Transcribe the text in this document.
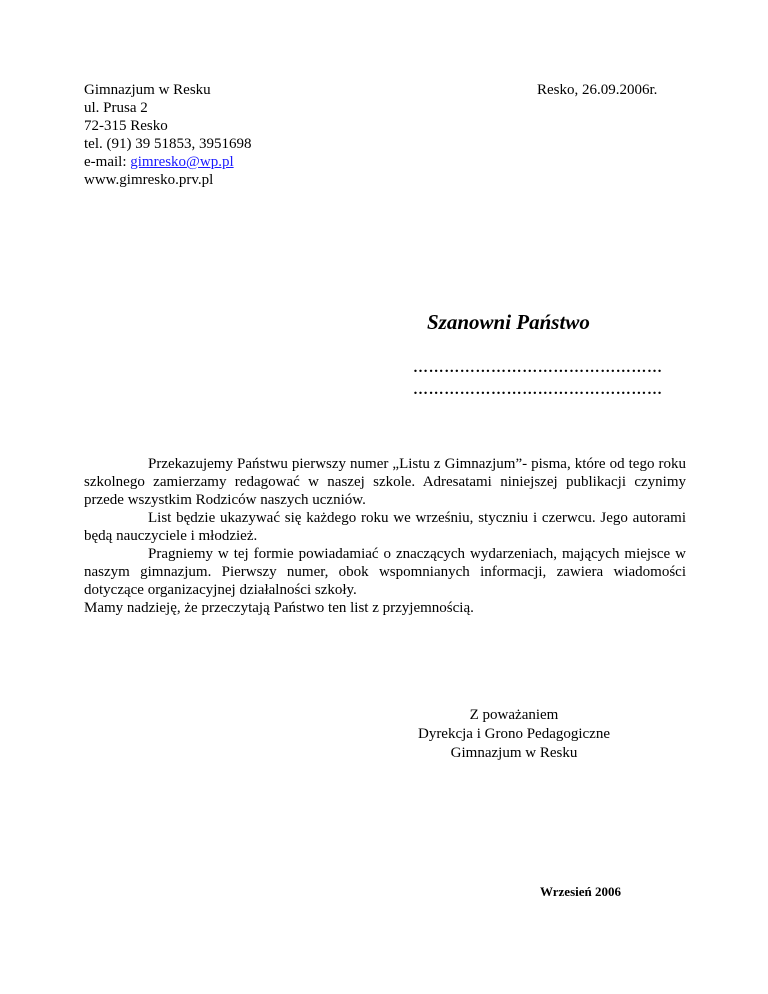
Gimnazjum w Resku
ul. Prusa 2
72-315 Resko
tel. (91) 39 51853, 3951698
e-mail: gimresko@wp.pl
www.gimresko.prv.pl
Resko, 26.09.2006r.
Szanowni Państwo
…………………………………………
…………………………………………

Przekazujemy Państwu pierwszy numer „Listu z Gimnazjum”- pisma, które od tego roku szkolnego zamierzamy redagować w naszej szkole. Adresatami niniejszej publikacji czynimy przede wszystkim Rodziców naszych uczniów.

List będzie ukazywać się każdego roku we wrześniu, styczniu i czerwcu. Jego autorami będą nauczyciele i młodzież.

Pragniemy w tej formie powiadamiać o znaczących wydarzeniach, mających miejsce w naszym gimnazjum. Pierwszy numer, obok wspomnianych informacji, zawiera wiadomości dotyczące organizacyjnej działalności szkoły.

Mamy nadzieję, że przeczytają Państwo ten list z przyjemnością.

Z poważaniem
Dyrekcja i Grono Pedagogiczne
Gimnazjum w Resku
Wrzesień 2006
